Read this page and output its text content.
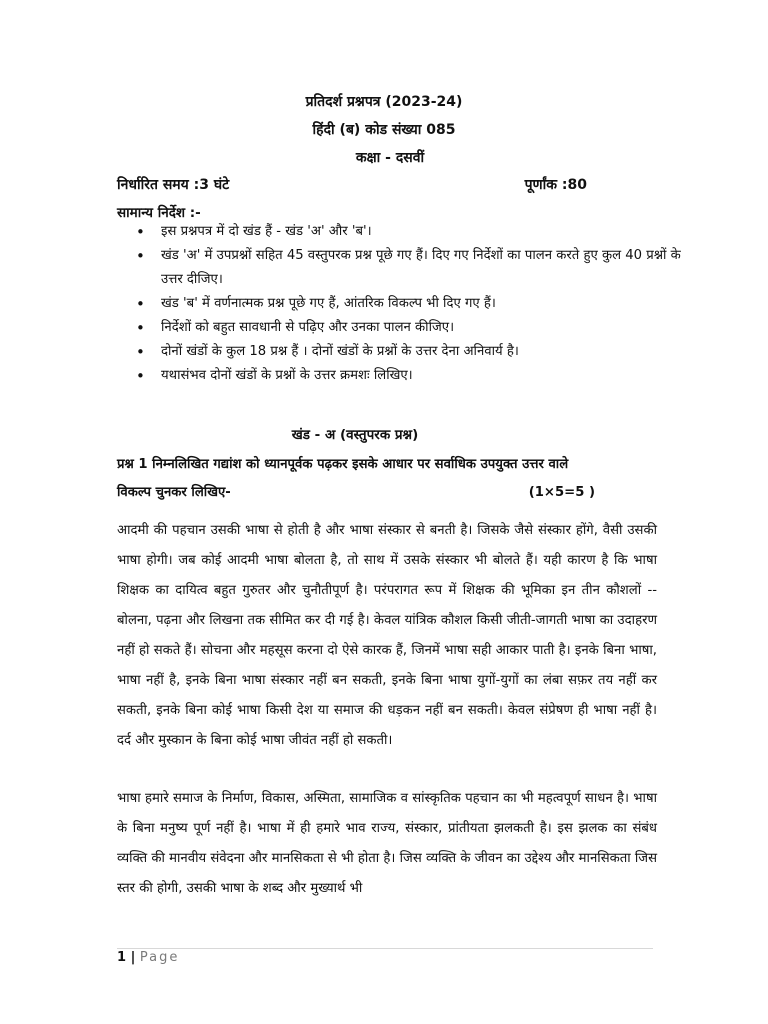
प्रतिदर्श प्रश्नपत्र (2023-24)
हिंदी (ब) कोड संख्या 085
कक्षा - दसवीं
निर्धारित समय :3 घंटे	पूर्णांक :80
सामान्य निर्देश :-
• इस प्रश्नपत्र में दो खंड हैं - खंड 'अ' और 'ब'।
• खंड 'अ' में उपप्रश्नों सहित 45 वस्तुपरक प्रश्न पूछे गए हैं। दिए गए निर्देशों का पालन करते हुए कुल 40 प्रश्नों के उत्तर दीजिए।
• खंड 'ब' में वर्णनात्मक प्रश्न पूछे गए हैं, आंतरिक विकल्प भी दिए गए हैं।
• निर्देशों को बहुत सावधानी से पढ़िए और उनका पालन कीजिए।
• दोनों खंडों के कुल 18 प्रश्न हैं । दोनों खंडों के प्रश्नों के उत्तर देना अनिवार्य है।
• यथासंभव दोनों खंडों के प्रश्नों के उत्तर क्रमशः लिखिए।
खंड - अ (वस्तुपरक प्रश्न)
प्रश्न 1 निम्नलिखित गद्यांश को ध्यानपूर्वक पढ़कर इसके आधार पर सर्वाधिक उपयुक्त उत्तर वाले
विकल्प चुनकर लिखिए-	(1×5=5 )
आदमी की पहचान उसकी भाषा से होती है और भाषा संस्कार से बनती है। जिसके जैसे संस्कार होंगे, वैसी उसकी भाषा होगी। जब कोई आदमी भाषा बोलता है, तो साथ में उसके संस्कार भी बोलते हैं। यही कारण है कि भाषा शिक्षक का दायित्व बहुत गुरुतर और चुनौतीपूर्ण है। परंपरागत रूप में शिक्षक की भूमिका इन तीन कौशलों -- बोलना, पढ़ना और लिखना तक सीमित कर दी गई है। केवल यांत्रिक कौशल किसी जीती-जागती भाषा का उदाहरण नहीं हो सकते हैं। सोचना और महसूस करना दो ऐसे कारक हैं, जिनमें भाषा सही आकार पाती है। इनके बिना भाषा, भाषा नहीं है, इनके बिना भाषा संस्कार नहीं बन सकती, इनके बिना भाषा युगों-युगों का लंबा सफ़र तय नहीं कर सकती, इनके बिना कोई भाषा किसी देश या समाज की धड़कन नहीं बन सकती। केवल संप्रेषण ही भाषा नहीं है। दर्द और मुस्कान के बिना कोई भाषा जीवंत नहीं हो सकती।
भाषा हमारे समाज के निर्माण, विकास, अस्मिता, सामाजिक व सांस्कृतिक पहचान का भी महत्वपूर्ण साधन है। भाषा के बिना मनुष्य पूर्ण नहीं है। भाषा में ही हमारे भाव राज्य, संस्कार, प्रांतीयता झलकती है। इस झलक का संबंध व्यक्ति की मानवीय संवेदना और मानसिकता से भी होता है। जिस व्यक्ति के जीवन का उद्देश्य और मानसिकता जिस स्तर की होगी, उसकी भाषा के शब्द और मुख्यार्थ भी
1 | Page
